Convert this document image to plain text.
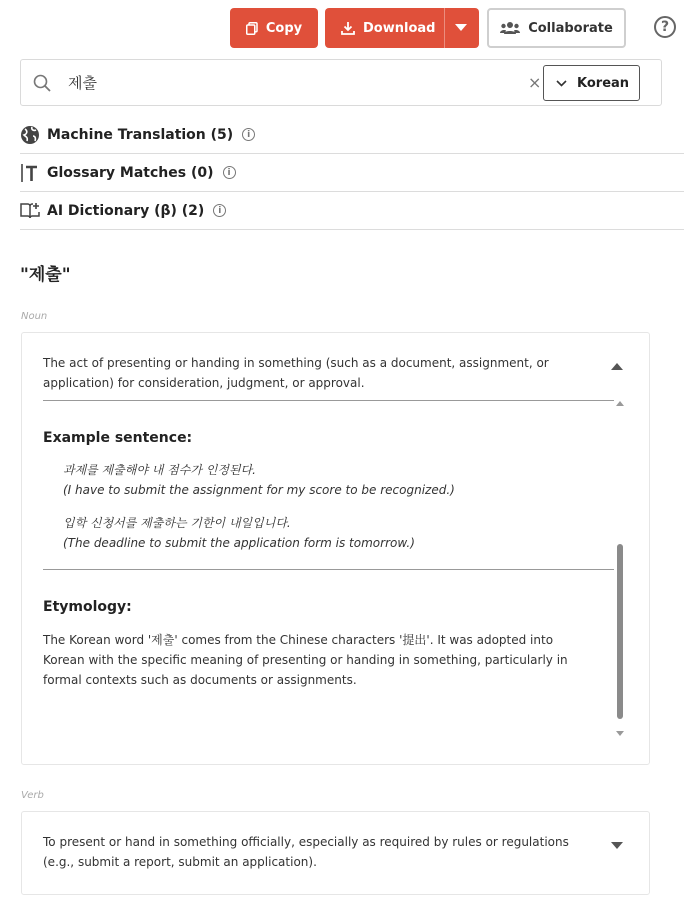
Copy	Download	Collaborate	?
제출
×	Korean
Machine Translation (5)	i
Glossary Matches (0)	i
AI Dictionary (β) (2)	i
"제출"
Noun
The act of presenting or handing in something (such as a document, assignment, or application) for consideration, judgment, or approval.
Example sentence:
과제를 제출해야 내 점수가 인정된다.
(I have to submit the assignment for my score to be recognized.)
입학 신청서를 제출하는 기한이 내일입니다.
(The deadline to submit the application form is tomorrow.)
Etymology:
The Korean word '제출' comes from the Chinese characters '提出'. It was adopted into Korean with the specific meaning of presenting or handing in something, particularly in formal contexts such as documents or assignments.
Verb
To present or hand in something officially, especially as required by rules or regulations (e.g., submit a report, submit an application).
